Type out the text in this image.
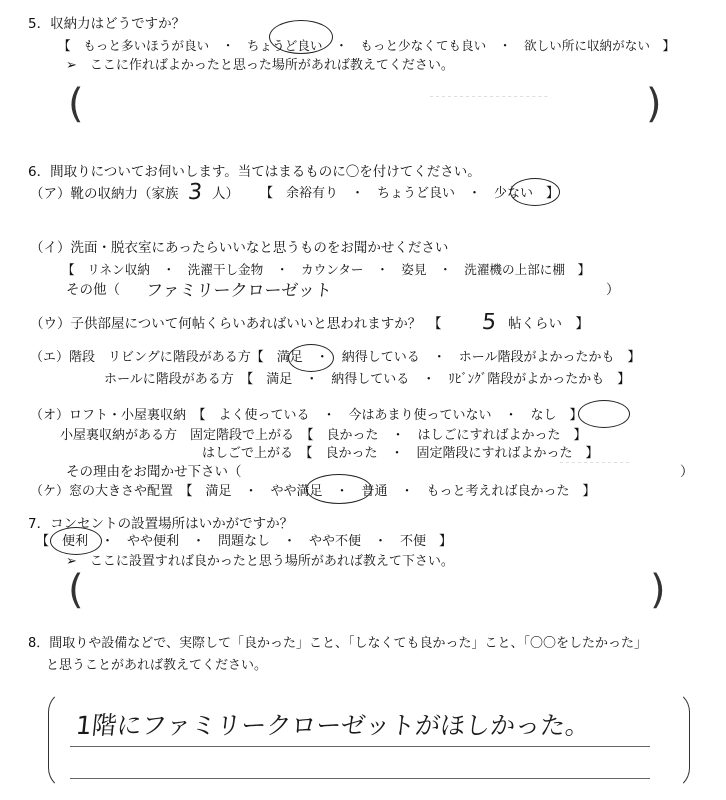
╴╴╴╴╴╴╴╴╴╴╴╴╴╴╴╴╴╴╴╴
╴╴╴╴╴╴╴╴╴╴╴╴
5．収納力はどうですか？
【　もっと多いほうが良い　・　ちょうど良い　・　もっと少なくても良い　・　欲しい所に収納がない　】
➢　ここに作ればよかったと思った場所があれば教えてください。
(	)
6．間取りについてお伺いします。当てはまるものに〇を付けてください。
（ア）靴の収納力（家族 3 人） 【　余裕有り　・　ちょうど良い　・　少ない　】
（イ）洗面・脱衣室にあったらいいなと思うものをお聞かせください
【　リネン収納　・　洗濯干し金物　・　カウンター　・　姿見　・　洗濯機の上部に棚　】
その他（ ファミリークローゼット	）
（ウ）子供部屋について何帖くらいあればいいと思われますか？　【 5 帖くらい　】
（エ）階段　リビングに階段がある方【　満足　・　納得している　・　ホール階段がよかったかも　】
ホールに階段がある方　【　満足　・　納得している　・　ﾘﾋﾞﾝｸﾞ階段がよかったかも　】
（オ）ロフト・小屋裏収納　【　よく使っている　・　今はあまり使っていない　・　なし　】
小屋裏収納がある方　固定階段で上がる　【　良かった　・　はしごにすればよかった　】
はしごで上がる　【　良かった　・　固定階段にすればよかった　】
その理由をお聞かせ下さい（	）
（ケ）窓の大きさや配置　【　満足　・　やや満足　・　普通　・　もっと考えれば良かった　】
7．コンセントの設置場所はいかがですか？
【　便利　・　やや便利　・　問題なし　・　やや不便　・　不便　】
➢　ここに設置すれば良かったと思う場所があれば教えて下さい。
(	)
8．間取りや設備などで、実際して「良かった」こと、「しなくても良かった」こと、「〇〇をしたかった」
と思うことがあれば教えてください。
1階にファミリークローゼットがほしかった。
